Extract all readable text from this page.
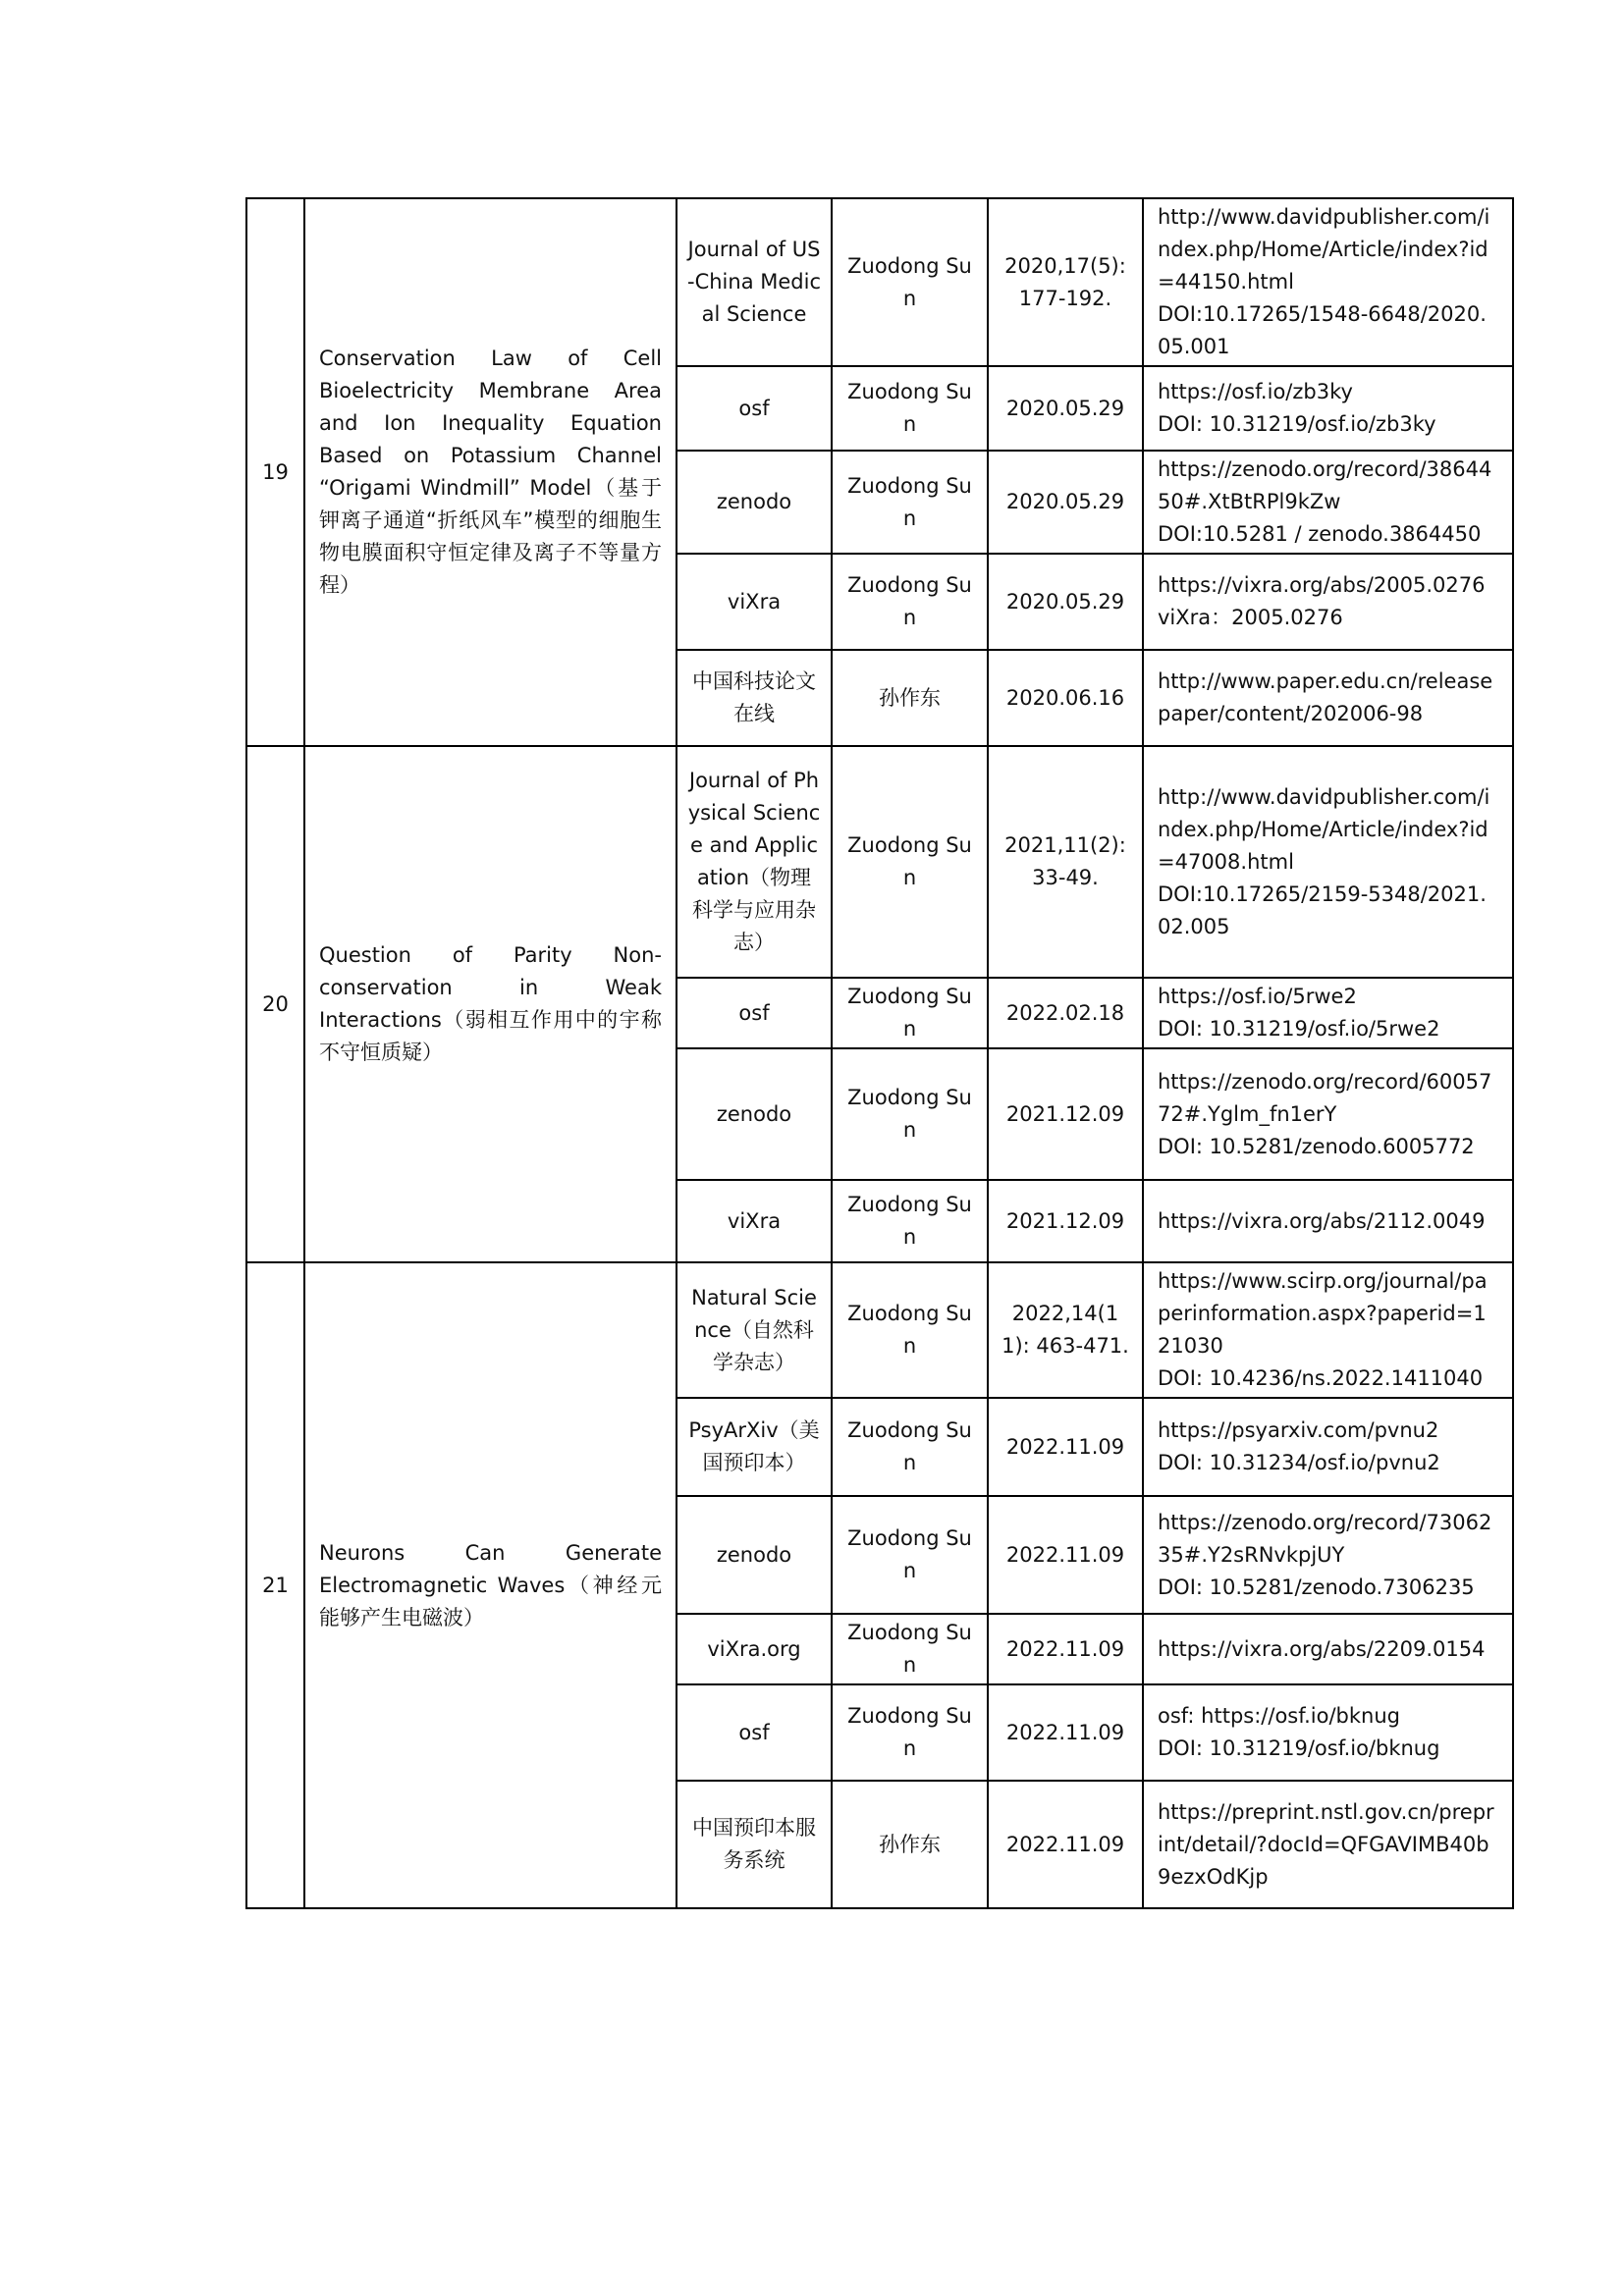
19	Conservation Law of Cell Bioelectricity Membrane Area and Ion Inequality Equation Based on Potassium Channel “Origami Windmill” Model（基于钾离子通道“折纸风车”模型的细胞生物电膜面积守恒定律及离子不等量方程）	Journal of US-China Medical Science	Zuodong Sun	2020,17(5): 177-192.	http://www.davidpublisher.com/index.php/Home/Article/index?id=44150.html
DOI:10.17265/1548-6648/2020.05.001

		osf	Zuodong Sun	2020.05.29	https://osf.io/zb3ky
DOI: 10.31219/osf.io/zb3ky

		zenodo	Zuodong Sun	2020.05.29	https://zenodo.org/record/3864450#.XtBtRPl9kZw
DOI:10.5281 / zenodo.3864450

		viXra	Zuodong Sun	2020.05.29	https://vixra.org/abs/2005.0276
viXra：2005.0276

		中国科技论文在线	孙作东	2020.06.16	http://www.paper.edu.cn/releasepaper/content/202006-98

20	Question of Parity Non-conservation in Weak Interactions（弱相互作用中的宇称不守恒质疑）	Journal of Physical Science and Application（物理科学与应用杂志）	Zuodong Sun	2021,11(2): 33-49.	http://www.davidpublisher.com/index.php/Home/Article/index?id=47008.html
DOI:10.17265/2159-5348/2021.02.005

		osf	Zuodong Sun	2022.02.18	https://osf.io/5rwe2
DOI: 10.31219/osf.io/5rwe2

		zenodo	Zuodong Sun	2021.12.09	https://zenodo.org/record/6005772#.Yglm_fn1erY
DOI: 10.5281/zenodo.6005772

		viXra	Zuodong Sun	2021.12.09	https://vixra.org/abs/2112.0049

21	Neurons Can Generate Electromagnetic Waves（神经元能够产生电磁波）	Natural Science（自然科学杂志）	Zuodong Sun	2022,14(11): 463-471.	https://www.scirp.org/journal/paperinformation.aspx?paperid=121030
DOI: 10.4236/ns.2022.1411040

		PsyArXiv（美国预印本）	Zuodong Sun	2022.11.09	https://psyarxiv.com/pvnu2
DOI: 10.31234/osf.io/pvnu2

		zenodo	Zuodong Sun	2022.11.09	https://zenodo.org/record/7306235#.Y2sRNvkpjUY
DOI: 10.5281/zenodo.7306235

		viXra.org	Zuodong Sun	2022.11.09	https://vixra.org/abs/2209.0154

		osf	Zuodong Sun	2022.11.09	osf: https://osf.io/bknug
DOI: 10.31219/osf.io/bknug

		中国预印本服务系统	孙作东	2022.11.09	https://preprint.nstl.gov.cn/preprint/detail/?docId=QFGAVIMB40b9ezxOdKjp
